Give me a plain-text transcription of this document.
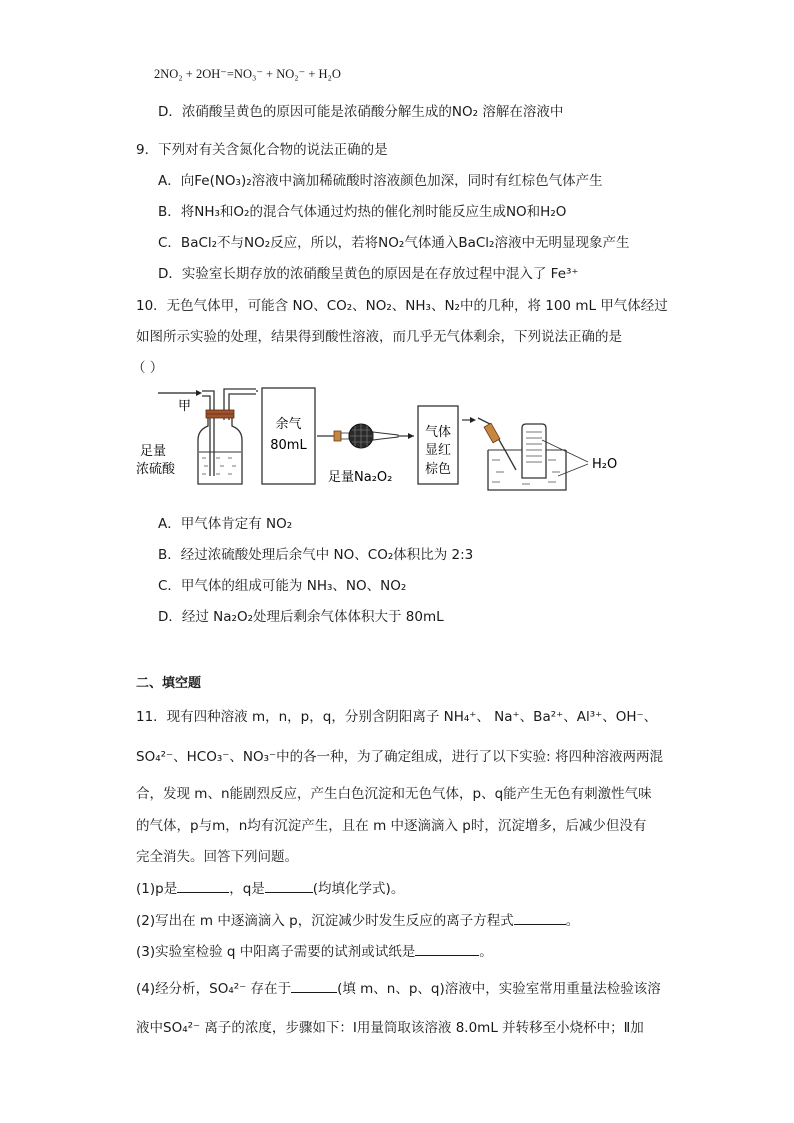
2NO₂ + 2OH⁻=NO₃⁻ + NO₂⁻ + H₂O
D．浓硝酸呈黄色的原因可能是浓硝酸分解生成的NO₂ 溶解在溶液中
9．下列对有关含氮化合物的说法正确的是
A．向Fe(NO₃)₂溶液中滴加稀硫酸时溶液颜色加深，同时有红棕色气体产生
B．将NH₃和O₂的混合气体通过灼热的催化剂时能反应生成NO和H₂O
C．BaCl₂不与NO₂反应，所以，若将NO₂气体通入BaCl₂溶液中无明显现象产生
D．实验室长期存放的浓硝酸呈黄色的原因是在存放过程中混入了 Fe³⁺
10．无色气体甲，可能含 NO、CO₂、NO₂、NH₃、N₂中的几种，将 100 mL 甲气体经过
如图所示实验的处理，结果得到酸性溶液，而几乎无气体剩余，下列说法正确的是
（ ）
甲
足量
浓硫酸
余气
80mL
足量Na₂O₂
气体
显红
棕色	H₂O
A．甲气体肯定有 NO₂
B．经过浓硫酸处理后余气中 NO、CO₂体积比为 2:3
C．甲气体的组成可能为 NH₃、NO、NO₂
D．经过 Na₂O₂处理后剩余气体体积大于 80mL
二、填空题
11．现有四种溶液 m，n，p，q，分别含阴阳离子 NH₄⁺、 Na⁺、Ba²⁺、Al³⁺、OH⁻、
SO₄²⁻、HCO₃⁻、NO₃⁻中的各一种，为了确定组成，进行了以下实验: 将四种溶液两两混
合，发现 m、n能剧烈反应，产生白色沉淀和无色气体，p、q能产生无色有刺激性气味
的气体，p与m，n均有沉淀产生，且在 m 中逐滴滴入 p时，沉淀增多，后减少但没有
完全消失。回答下列问题。
(1)p是	，q是	(均填化学式)。
(2)写出在 m 中逐滴滴入 p，沉淀减少时发生反应的离子方程式	。
(3)实验室检验 q 中阳离子需要的试剂或试纸是	。
(4)经分析，SO₄²⁻ 存在于	(填 m、n、p、q)溶液中，实验室常用重量法检验该溶
液中SO₄²⁻ 离子的浓度，步骤如下：Ⅰ用量筒取该溶液 8.0mL 并转移至小烧杯中；Ⅱ加
